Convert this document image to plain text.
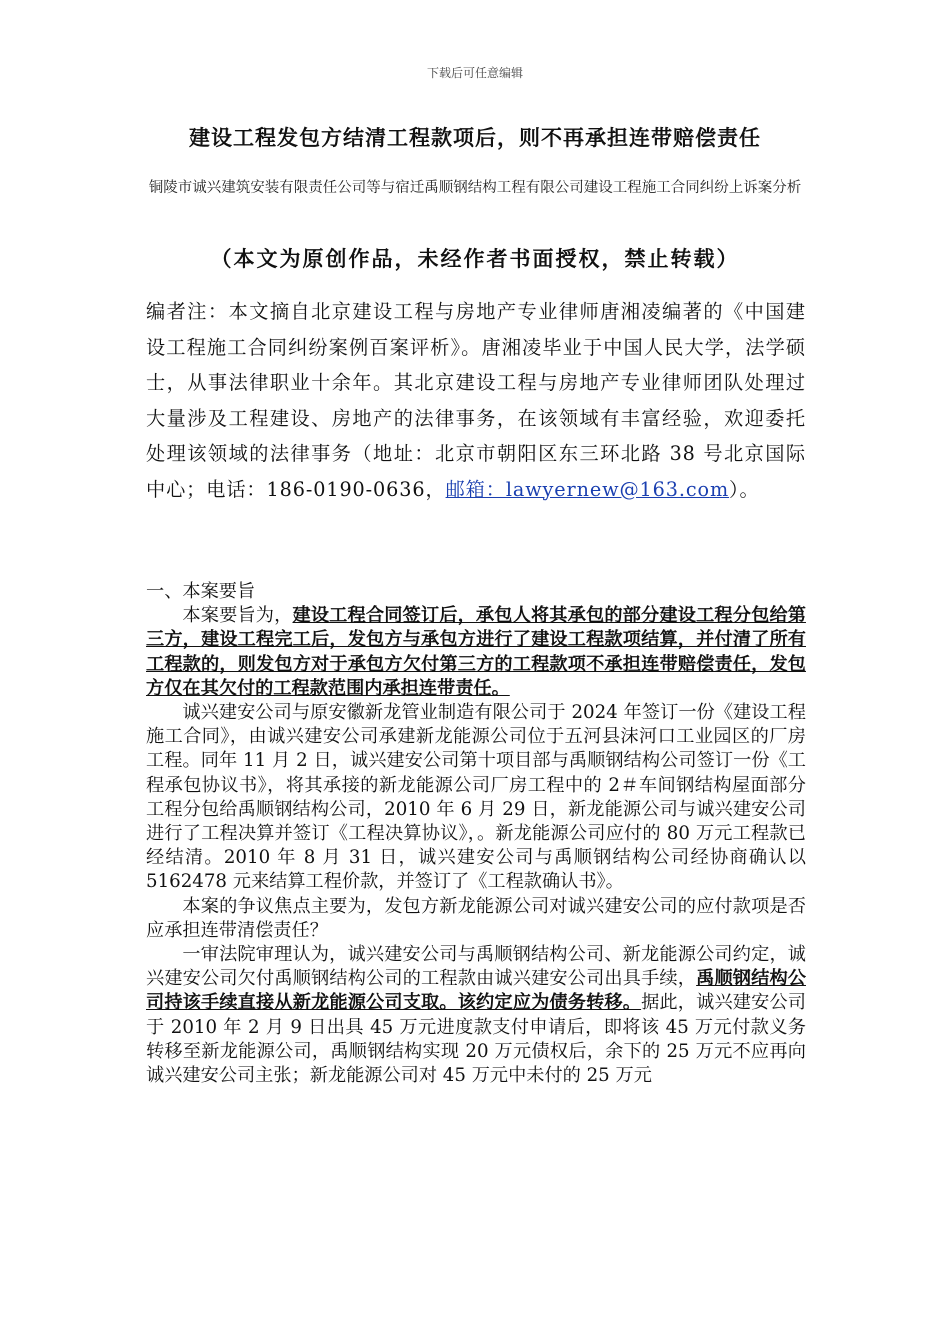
下载后可任意编辑
建设工程发包方结清工程款项后，则不再承担连带赔偿责任
铜陵市诚兴建筑安装有限责任公司等与宿迁禹顺钢结构工程有限公司建设工程施工合同纠纷上诉案分析
（本文为原创作品，未经作者书面授权，禁止转载）

编者注：本文摘自北京建设工程与房地产专业律师唐湘凌编著的《中国建设工程施工合同纠纷案例百案评析》。唐湘凌毕业于中国人民大学，法学硕士，从事法律职业十余年。其北京建设工程与房地产专业律师团队处理过大量涉及工程建设、房地产的法律事务，在该领域有丰富经验，欢迎委托处理该领域的法律事务（地址：北京市朝阳区东三环北路 38 号北京国际中心；电话：186-0190-0636，邮箱：lawyernew@163.com）。

一、本案要旨

本案要旨为，建设工程合同签订后，承包人将其承包的部分建设工程分包给第三方，建设工程完工后，发包方与承包方进行了建设工程款项结算，并付清了所有工程款的，则发包方对于承包方欠付第三方的工程款项不承担连带赔偿责任，发包方仅在其欠付的工程款范围内承担连带责任。

诚兴建安公司与原安徽新龙管业制造有限公司于 2024 年签订一份《建设工程施工合同》，由诚兴建安公司承建新龙能源公司位于五河县沫河口工业园区的厂房工程。同年 11 月 2 日，诚兴建安公司第十项目部与禹顺钢结构公司签订一份《工程承包协议书》，将其承接的新龙能源公司厂房工程中的 2＃车间钢结构屋面部分工程分包给禹顺钢结构公司，2010 年 6 月 29 日，新龙能源公司与诚兴建安公司进行了工程决算并签订《工程决算协议》，。新龙能源公司应付的 80 万元工程款已经结清。2010 年 8 月 31 日，诚兴建安公司与禹顺钢结构公司经协商确认以 5162478 元来结算工程价款，并签订了《工程款确认书》。

本案的争议焦点主要为，发包方新龙能源公司对诚兴建安公司的应付款项是否应承担连带清偿责任？

一审法院审理认为，诚兴建安公司与禹顺钢结构公司、新龙能源公司约定，诚兴建安公司欠付禹顺钢结构公司的工程款由诚兴建安公司出具手续，禹顺钢结构公司持该手续直接从新龙能源公司支取。该约定应为债务转移。据此，诚兴建安公司于 2010 年 2 月 9 日出具 45 万元进度款支付申请后，即将该 45 万元付款义务转移至新龙能源公司，禹顺钢结构实现 20 万元债权后，余下的 25 万元不应再向诚兴建安公司主张；新龙能源公司对 45 万元中未付的 25 万元
